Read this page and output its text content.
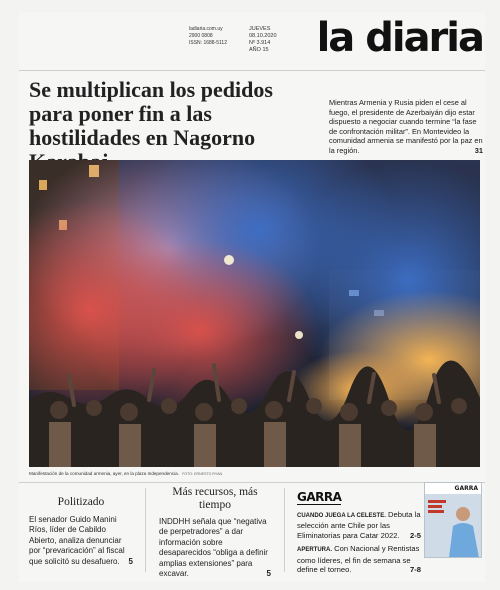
ladiaria.com.uy
2900 0808
ISSN: 1688-5112
JUEVES
08.10.2020
Nº 3.914
AÑO 15 la diaria
Se multiplican los pedidos para poner fin a las hostilidades en Nagorno

Mientras Armenia y Rusia piden el cese al fuego, el presidente de Azerbaiyán dijo estar dispuesto a negociar cuando termine “la fase de confrontación militar”. En Montevideo la comunidad armenia se manifestó por la paz en la región.	31

Manifestación de la comunidad armenia, ayer, en la plaza Independencia. FOTO: ERNESTO RYAN
Politizado

El senador Guido Manini Ríos, líder de Cabildo Abierto, analiza denunciar por “prevaricación” al fiscal que solicitó su desafuero. 5

Más recursos, más tiempo

INDDHH señala que “negativa de perpetradores” a dar información sobre desaparecidos “obliga a definir amplias extensiones” para excavar.	5

GARRA
CUANDO JUEGA LA CELESTE. Debuta la selección ante Chile por las Eliminatorias para Catar 2022. 2-5
APERTURA. Con Nacional y Rentistas como líderes, el fin de semana se define el torneo.	7-8
GARRA
